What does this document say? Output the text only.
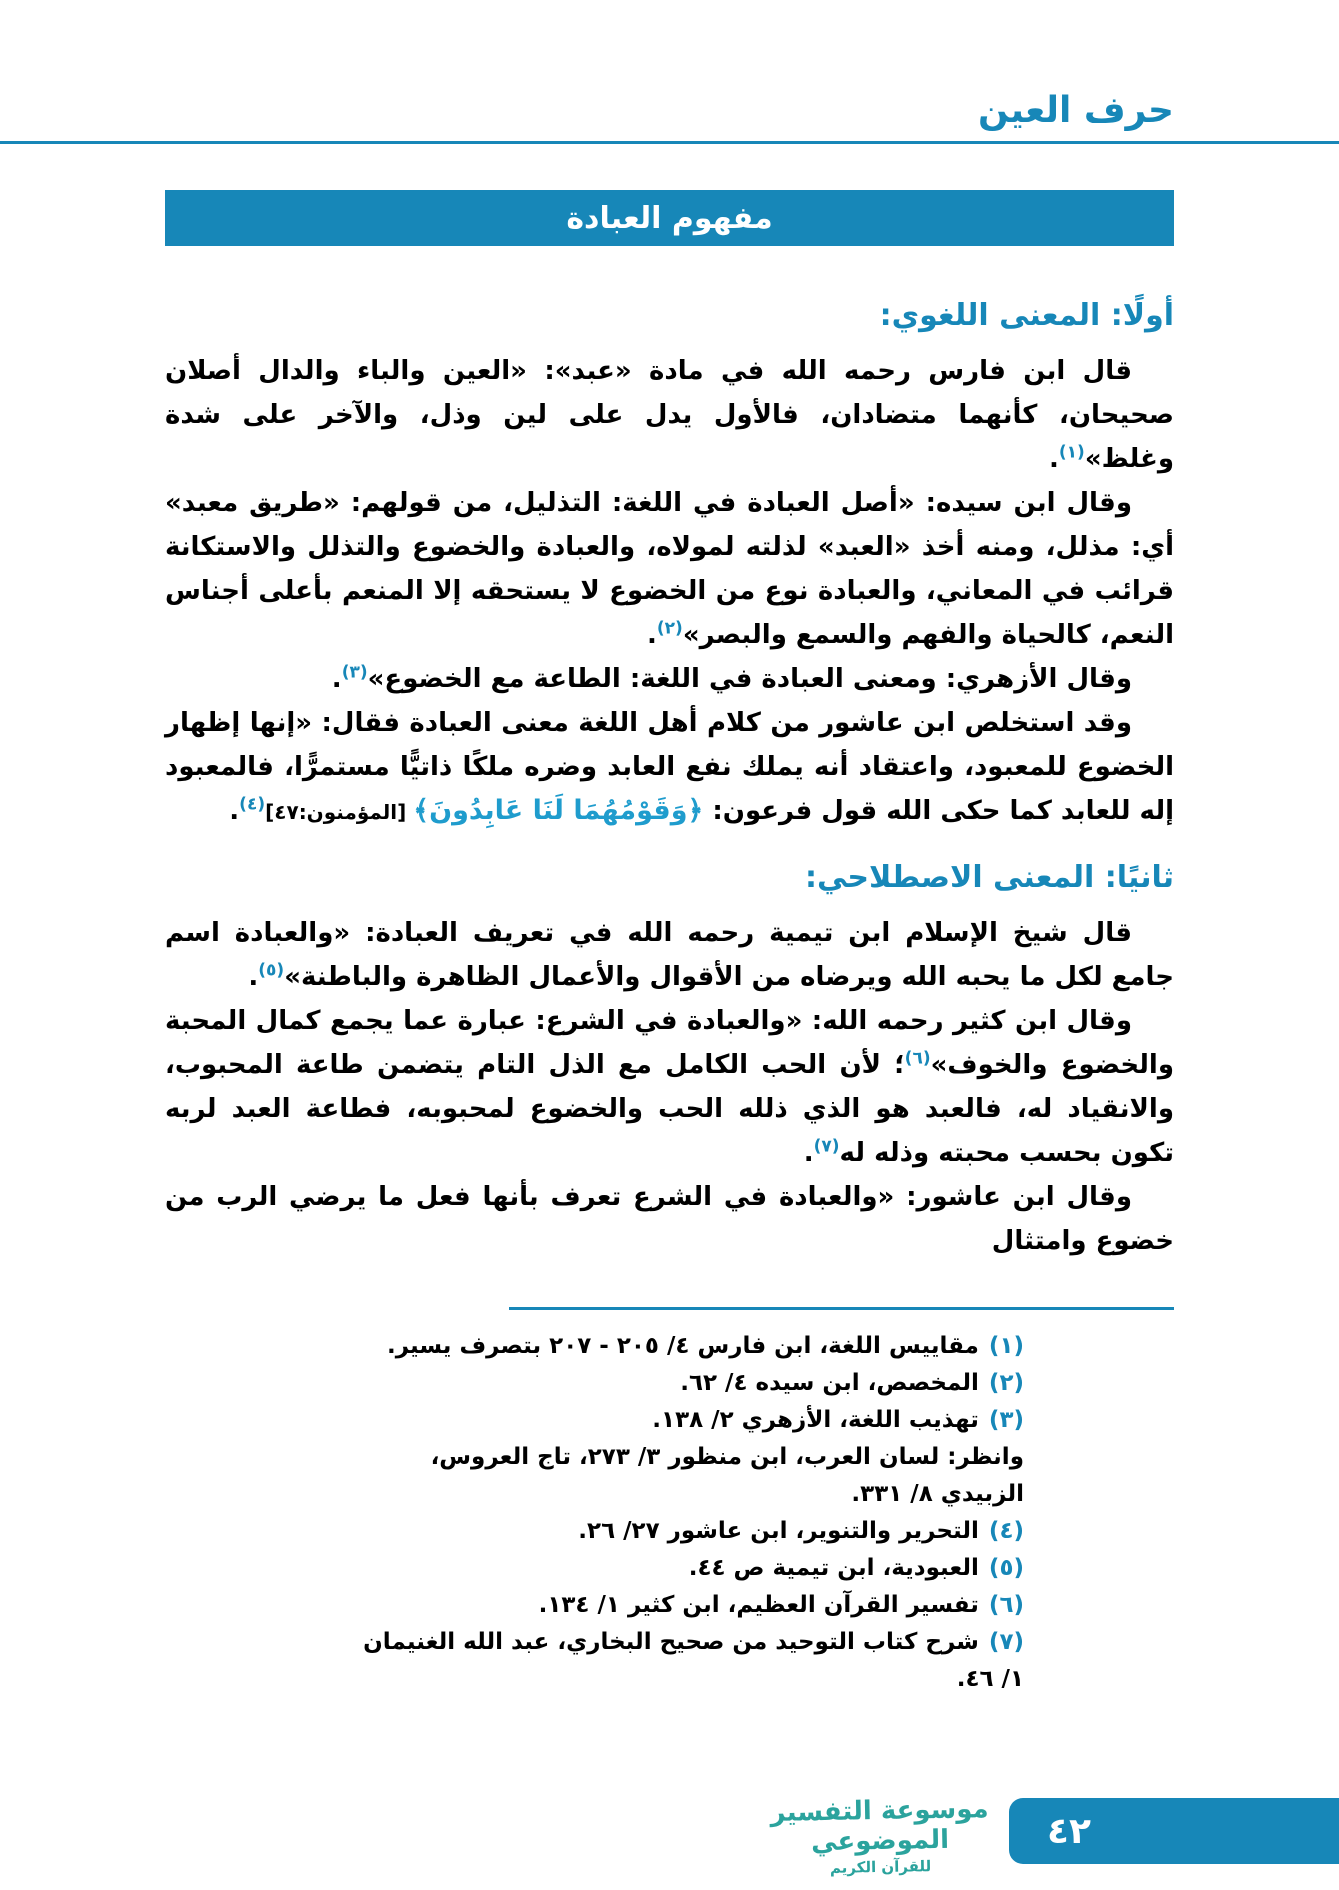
حرف العين
مفهوم العبادة
أولًا: المعنى اللغوي:

قال ابن فارس رحمه الله في مادة «عبد»: «العين والباء والدال أصلان صحيحان، كأنهما متضادان، فالأول يدل على لين وذل، والآخر على شدة وغلظ»$^{(١)}$.

وقال ابن سيده: «أصل العبادة في اللغة: التذليل، من قولهم: «طريق معبد» أي: مذلل، ومنه أخذ «العبد» لذلته لمولاه، والعبادة والخضوع والتذلل والاستكانة قرائب في المعاني، والعبادة نوع من الخضوع لا يستحقه إلا المنعم بأعلى أجناس النعم، كالحياة والفهم والسمع والبصر»$^{(٢)}$.

وقال الأزهري: ومعنى العبادة في اللغة: الطاعة مع الخضوع»$^{(٣)}$.

وقد استخلص ابن عاشور من كلام أهل اللغة معنى العبادة فقال: «إنها إظهار الخضوع للمعبود، واعتقاد أنه يملك نفع العابد وضره ملكًا ذاتيًّا مستمرًّا، فالمعبود إله للعابد كما حكى الله قول فرعون: ﴿وَقَوْمُهُمَا لَنَا عَابِدُونَ﴾ [المؤمنون:٤٧]$^{(٤)}$.

ثانيًا: المعنى الاصطلاحي:

قال شيخ الإسلام ابن تيمية رحمه الله في تعريف العبادة: «والعبادة اسم جامع لكل ما يحبه الله ويرضاه من الأقوال والأعمال الظاهرة والباطنة»$^{(٥)}$.

وقال ابن كثير رحمه الله: «والعبادة في الشرع: عبارة عما يجمع كمال المحبة والخضوع والخوف»$^{(٦)}$؛ لأن الحب الكامل مع الذل التام يتضمن طاعة المحبوب، والانقياد له، فالعبد هو الذي ذلله الحب والخضوع لمحبوبه، فطاعة العبد لربه تكون بحسب محبته وذله له$^{(٧)}$.

وقال ابن عاشور: «والعبادة في الشرع تعرف بأنها فعل ما يرضي الرب من خضوع وامتثال

(١)مقاييس اللغة، ابن فارس ٤/ ٢٠٥ - ٢٠٧ بتصرف يسير.
(٢)المخصص، ابن سيده ٤/ ٦٢.
(٣)تهذيب اللغة، الأزهري ٢/ ١٣٨.
وانظر: لسان العرب، ابن منظور ٣/ ٢٧٣، تاج العروس، الزبيدي ٨/ ٣٣١.
(٤)التحرير والتنوير، ابن عاشور ٢٧/ ٢٦.
(٥)العبودية، ابن تيمية ص ٤٤.
(٦)تفسير القرآن العظيم، ابن كثير ١/ ١٣٤.
(٧)شرح كتاب التوحيد من صحيح البخاري، عبد الله الغنيمان ١/ ٤٦.
موسوعة التفسير الموضوعي
للقرآن الكريم
٤٢
